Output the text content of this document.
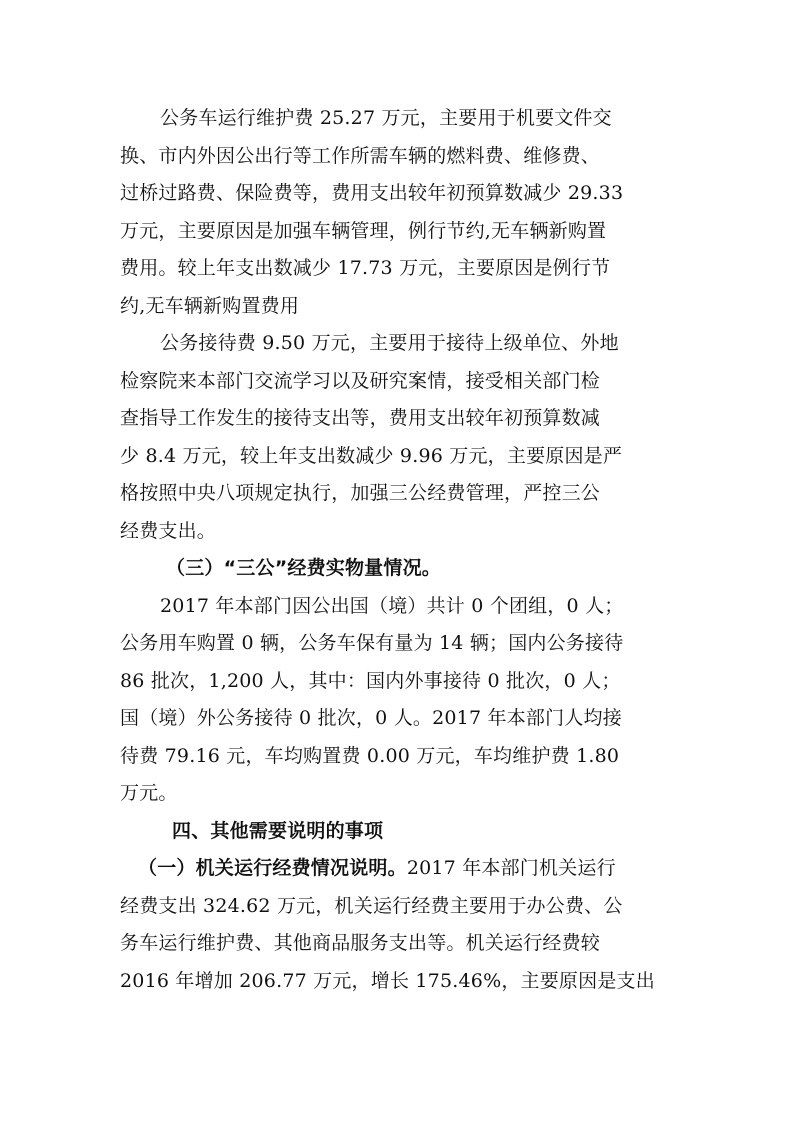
公务车运行维护费 25.27 万元，主要用于机要文件交
换、市内外因公出行等工作所需车辆的燃料费、维修费、
过桥过路费、保险费等，费用支出较年初预算数减少 29.33
万元，主要原因是加强车辆管理，例行节约,无车辆新购置
费用。较上年支出数减少 17.73 万元，主要原因是例行节
约,无车辆新购置费用
公务接待费 9.50 万元，主要用于接待上级单位、外地
检察院来本部门交流学习以及研究案情，接受相关部门检
查指导工作发生的接待支出等，费用支出较年初预算数减
少 8.4 万元，较上年支出数减少 9.96 万元，主要原因是严
格按照中央八项规定执行，加强三公经费管理，严控三公
经费支出。
（三）“三公”经费实物量情况。
2017 年本部门因公出国（境）共计 0 个团组，0 人；
公务用车购置 0 辆，公务车保有量为 14 辆；国内公务接待
86 批次，1,200 人，其中：国内外事接待 0 批次，0 人；
国（境）外公务接待 0 批次，0 人。2017 年本部门人均接
待费 79.16 元，车均购置费 0.00 万元，车均维护费 1.80
万元。
四、其他需要说明的事项
（一）机关运行经费情况说明。2017 年本部门机关运行
经费支出 324.62 万元，机关运行经费主要用于办公费、公
务车运行维护费、其他商品服务支出等。机关运行经费较
2016 年增加 206.77 万元，增长 175.46%，主要原因是支出
